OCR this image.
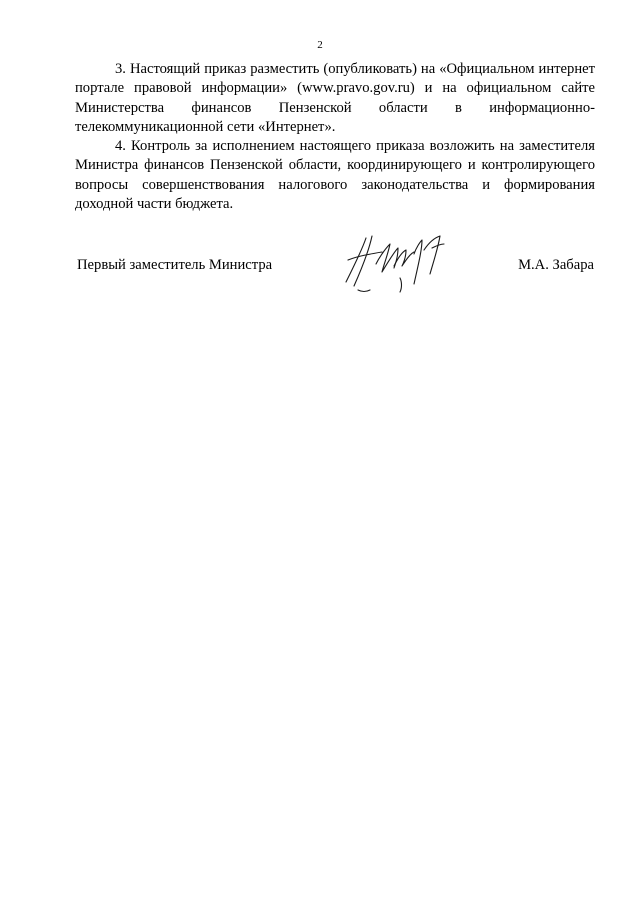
2

3. Настоящий приказ разместить (опубликовать) на «Официальном интернет портале правовой информации» (www.pravo.gov.ru) и на официальном сайте Министерства финансов Пензенской области в информационно-телекоммуникационной сети «Интернет».

4. Контроль за исполнением настоящего приказа возложить на заместителя Министра финансов Пензенской области, координирующего и контролирующего вопросы совершенствования налогового законодательства и формирования доходной части бюджета.

Первый заместитель Министра	М.А. Забара
